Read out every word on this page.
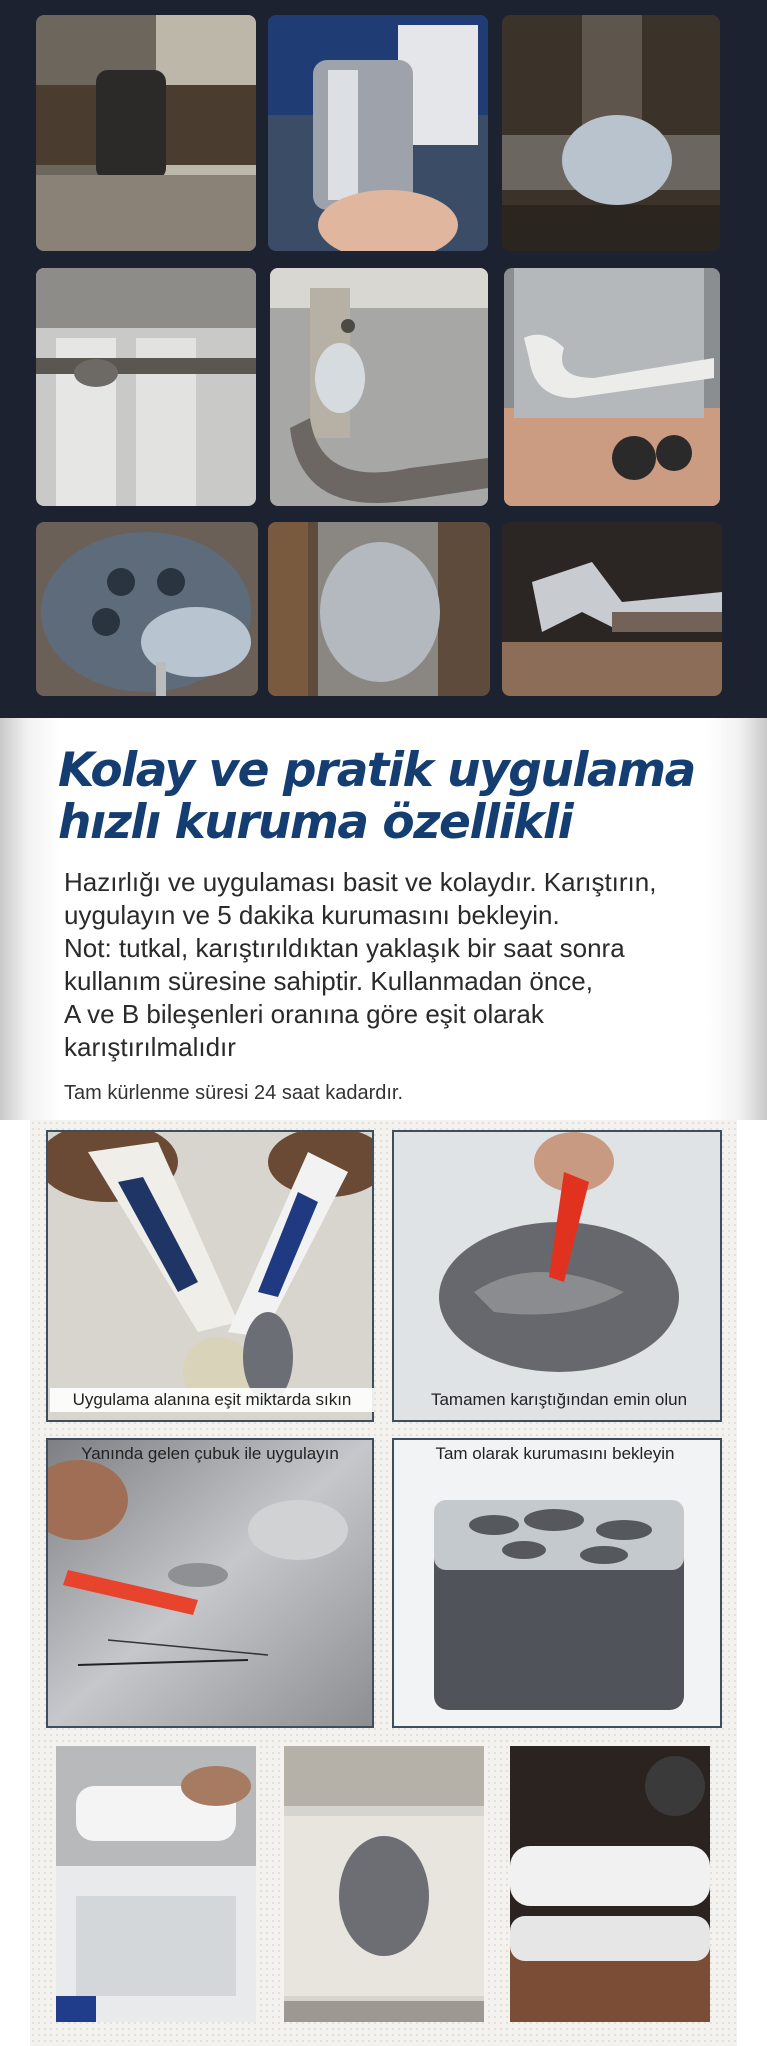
Kolay ve pratik uygulama
hızlı kuruma özellikli
Hazırlığı ve uygulaması basit ve kolaydır. Karıştırın,
uygulayın ve 5 dakika kurumasını bekleyin.
Not: tutkal, karıştırıldıktan yaklaşık bir saat sonra
kullanım süresine sahiptir. Kullanmadan önce,
A ve B bileşenleri oranına göre eşit olarak
karıştırılmalıdır
Tam kürlenme süresi 24 saat kadardır.
Uygulama alanına eşit miktarda sıkın	Tamamen karıştığından emin olun
Yanında gelen çubuk ile uygulayın	Tam olarak kurumasını bekleyin
